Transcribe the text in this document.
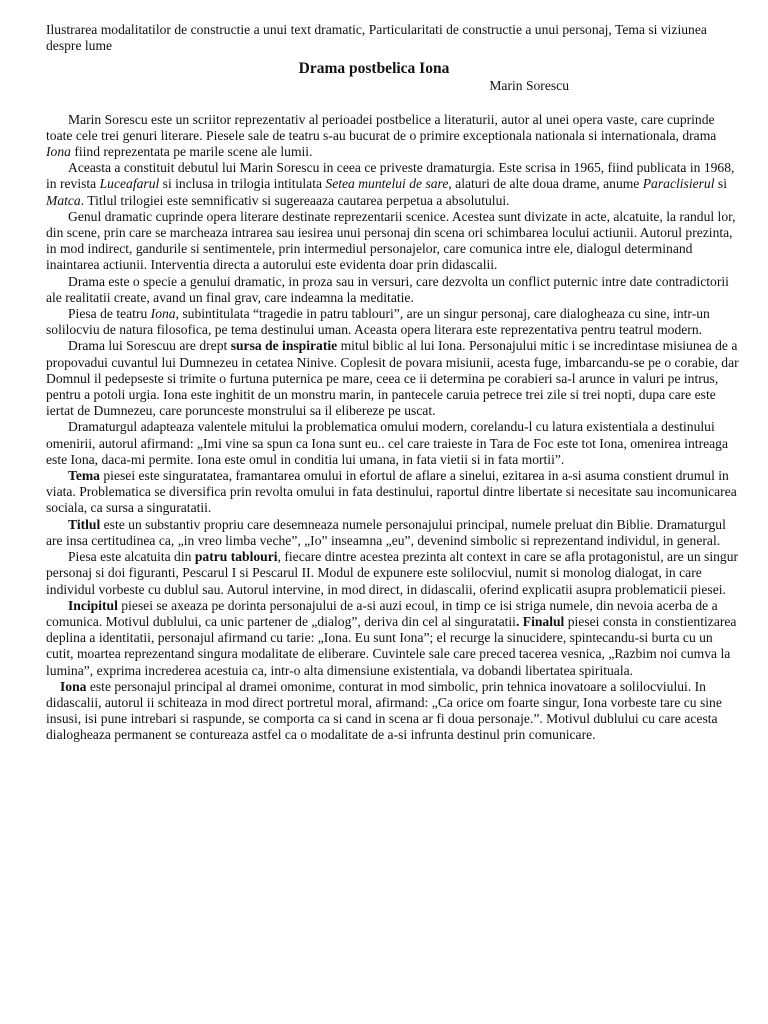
Ilustrarea modalitatilor de constructie a unui text dramatic, Particularitati de constructie a unui personaj, Tema si viziunea despre lume

Drama postbelica Iona

Marin Sorescu

Marin Sorescu este un scriitor reprezentativ al perioadei postbelice a literaturii, autor al unei opera vaste, care cuprinde toate cele trei genuri literare. Piesele sale de teatru s-au bucurat de o primire exceptionala nationala si internationala, drama Iona fiind reprezentata pe marile scene ale lumii.

Aceasta a constituit debutul lui Marin Sorescu in ceea ce priveste dramaturgia. Este scrisa in 1965, fiind publicata in 1968, in revista Luceafarul si inclusa in trilogia intitulata Setea muntelui de sare, alaturi de alte doua drame, anume Paraclisierul si Matca. Titlul trilogiei este semnificativ si sugereaaza cautarea perpetua a absolutului.

Genul dramatic cuprinde opera literare destinate reprezentarii scenice. Acestea sunt divizate in acte, alcatuite, la randul lor, din scene, prin care se marcheaza intrarea sau iesirea unui personaj din scena ori schimbarea locului actiunii. Autorul prezinta, in mod indirect, gandurile si sentimentele, prin intermediul personajelor, care comunica intre ele, dialogul determinand inaintarea actiunii. Interventia directa a autorului este evidenta doar prin didascalii.

Drama este o specie a genului dramatic, in proza sau in versuri, care dezvolta un conflict puternic intre date contradictorii ale realitatii create, avand un final grav, care indeamna la meditatie.

Piesa de teatru Iona, subintitulata “tragedie in patru tablouri”, are un singur personaj, care dialogheaza cu sine, intr-un solilocviu de natura filosofica, pe tema destinului uman. Aceasta opera literara este reprezentativa pentru teatrul modern.

Drama lui Sorescuu are drept sursa de inspiratie mitul biblic al lui Iona. Personajului mitic i se incredintase misiunea de a propovadui cuvantul lui Dumnezeu in cetatea Ninive. Coplesit de povara misiunii, acesta fuge, imbarcandu-se pe o corabie, dar Domnul il pedepseste si trimite o furtuna puternica pe mare, ceea ce ii determina pe corabieri sa-l arunce in valuri pe intrus, pentru a potoli urgia. Iona este inghitit de un monstru marin, in pantecele caruia petrece trei zile si trei nopti, dupa care este iertat de Dumnezeu, care porunceste monstrului sa il elibereze pe uscat.

Dramaturgul adapteaza valentele mitului la problematica omului modern, corelandu-l cu latura existentiala a destinului omenirii, autorul afirmand: „Imi vine sa spun ca Iona sunt eu.. cel care traieste in Tara de Foc este tot Iona, omenirea intreaga este Iona, daca-mi permite. Iona este omul in conditia lui umana, in fata vietii si in fata mortii”.

Tema piesei este singuratatea, framantarea omului in efortul de aflare a sinelui, ezitarea in a-si asuma constient drumul in viata. Problematica se diversifica prin revolta omului in fata destinului, raportul dintre libertate si necesitate sau incomunicarea sociala, ca sursa a singuratatii.

Titlul este un substantiv propriu care desemneaza numele personajului principal, numele preluat din Biblie. Dramaturgul are insa certitudinea ca, „in vreo limba veche”, „Io” inseamna „eu”, devenind simbolic si reprezentand individul, in general.

Piesa este alcatuita din patru tablouri, fiecare dintre acestea prezinta alt context in care se afla protagonistul, are un singur personaj si doi figuranti, Pescarul I si Pescarul II. Modul de expunere este solilocviul, numit si monolog dialogat, in care individul vorbeste cu dublul sau. Autorul intervine, in mod direct, in didascalii, oferind explicatii asupra problematicii piesei.

Incipitul piesei se axeaza pe dorinta personajului de a-si auzi ecoul, in timp ce isi striga numele, din nevoia acerba de a comunica. Motivul dublului, ca unic partener de „dialog”, deriva din cel al singuratatii. Finalul piesei consta in constientizarea deplina a identitatii, personajul afirmand cu tarie: „Iona. Eu sunt Iona”; el recurge la sinucidere, spintecandu-si burta cu un cutit, moartea reprezentand singura modalitate de eliberare. Cuvintele sale care preced tacerea vesnica, „Razbim noi cumva la lumina”, exprima increderea acestuia ca, intr-o alta dimensiune existentiala, va dobandi libertatea spirituala.

Iona este personajul principal al dramei omonime, conturat in mod simbolic, prin tehnica inovatoare a solilocviului. In didascalii, autorul ii schiteaza in mod direct portretul moral, afirmand: „Ca orice om foarte singur, Iona vorbeste tare cu sine insusi, isi pune intrebari si raspunde, se comporta ca si cand in scena ar fi doua personaje.”. Motivul dublului cu care acesta dialogheaza permanent se contureaza astfel ca o modalitate de a-si infrunta destinul prin comunicare.
